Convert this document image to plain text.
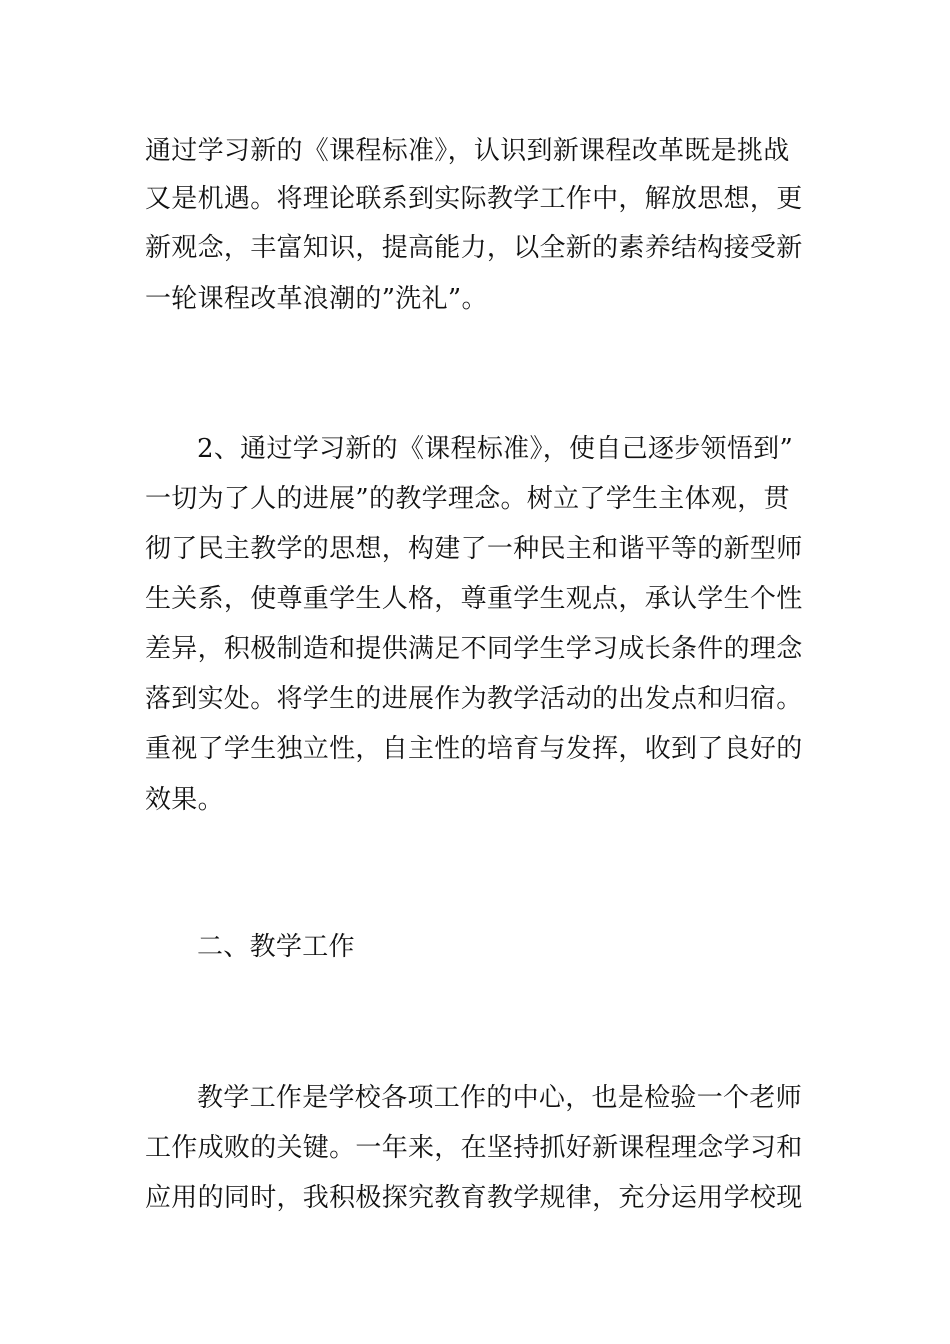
通过学习新的《课程标准》，认识到新课程改革既是挑战
又是机遇。将理论联系到实际教学工作中，解放思想，更
新观念，丰富知识，提高能力，以全新的素养结构接受新
一轮课程改革浪潮的”洗礼”。
2、通过学习新的《课程标准》，使自己逐步领悟到”
一切为了人的进展”的教学理念。树立了学生主体观，贯
彻了民主教学的思想，构建了一种民主和谐平等的新型师
生关系，使尊重学生人格，尊重学生观点，承认学生个性
差异，积极制造和提供满足不同学生学习成长条件的理念
落到实处。将学生的进展作为教学活动的出发点和归宿。
重视了学生独立性，自主性的培育与发挥，收到了良好的
效果。
二、教学工作
教学工作是学校各项工作的中心，也是检验一个老师
工作成败的关键。一年来，在坚持抓好新课程理念学习和
应用的同时，我积极探究教育教学规律，充分运用学校现
